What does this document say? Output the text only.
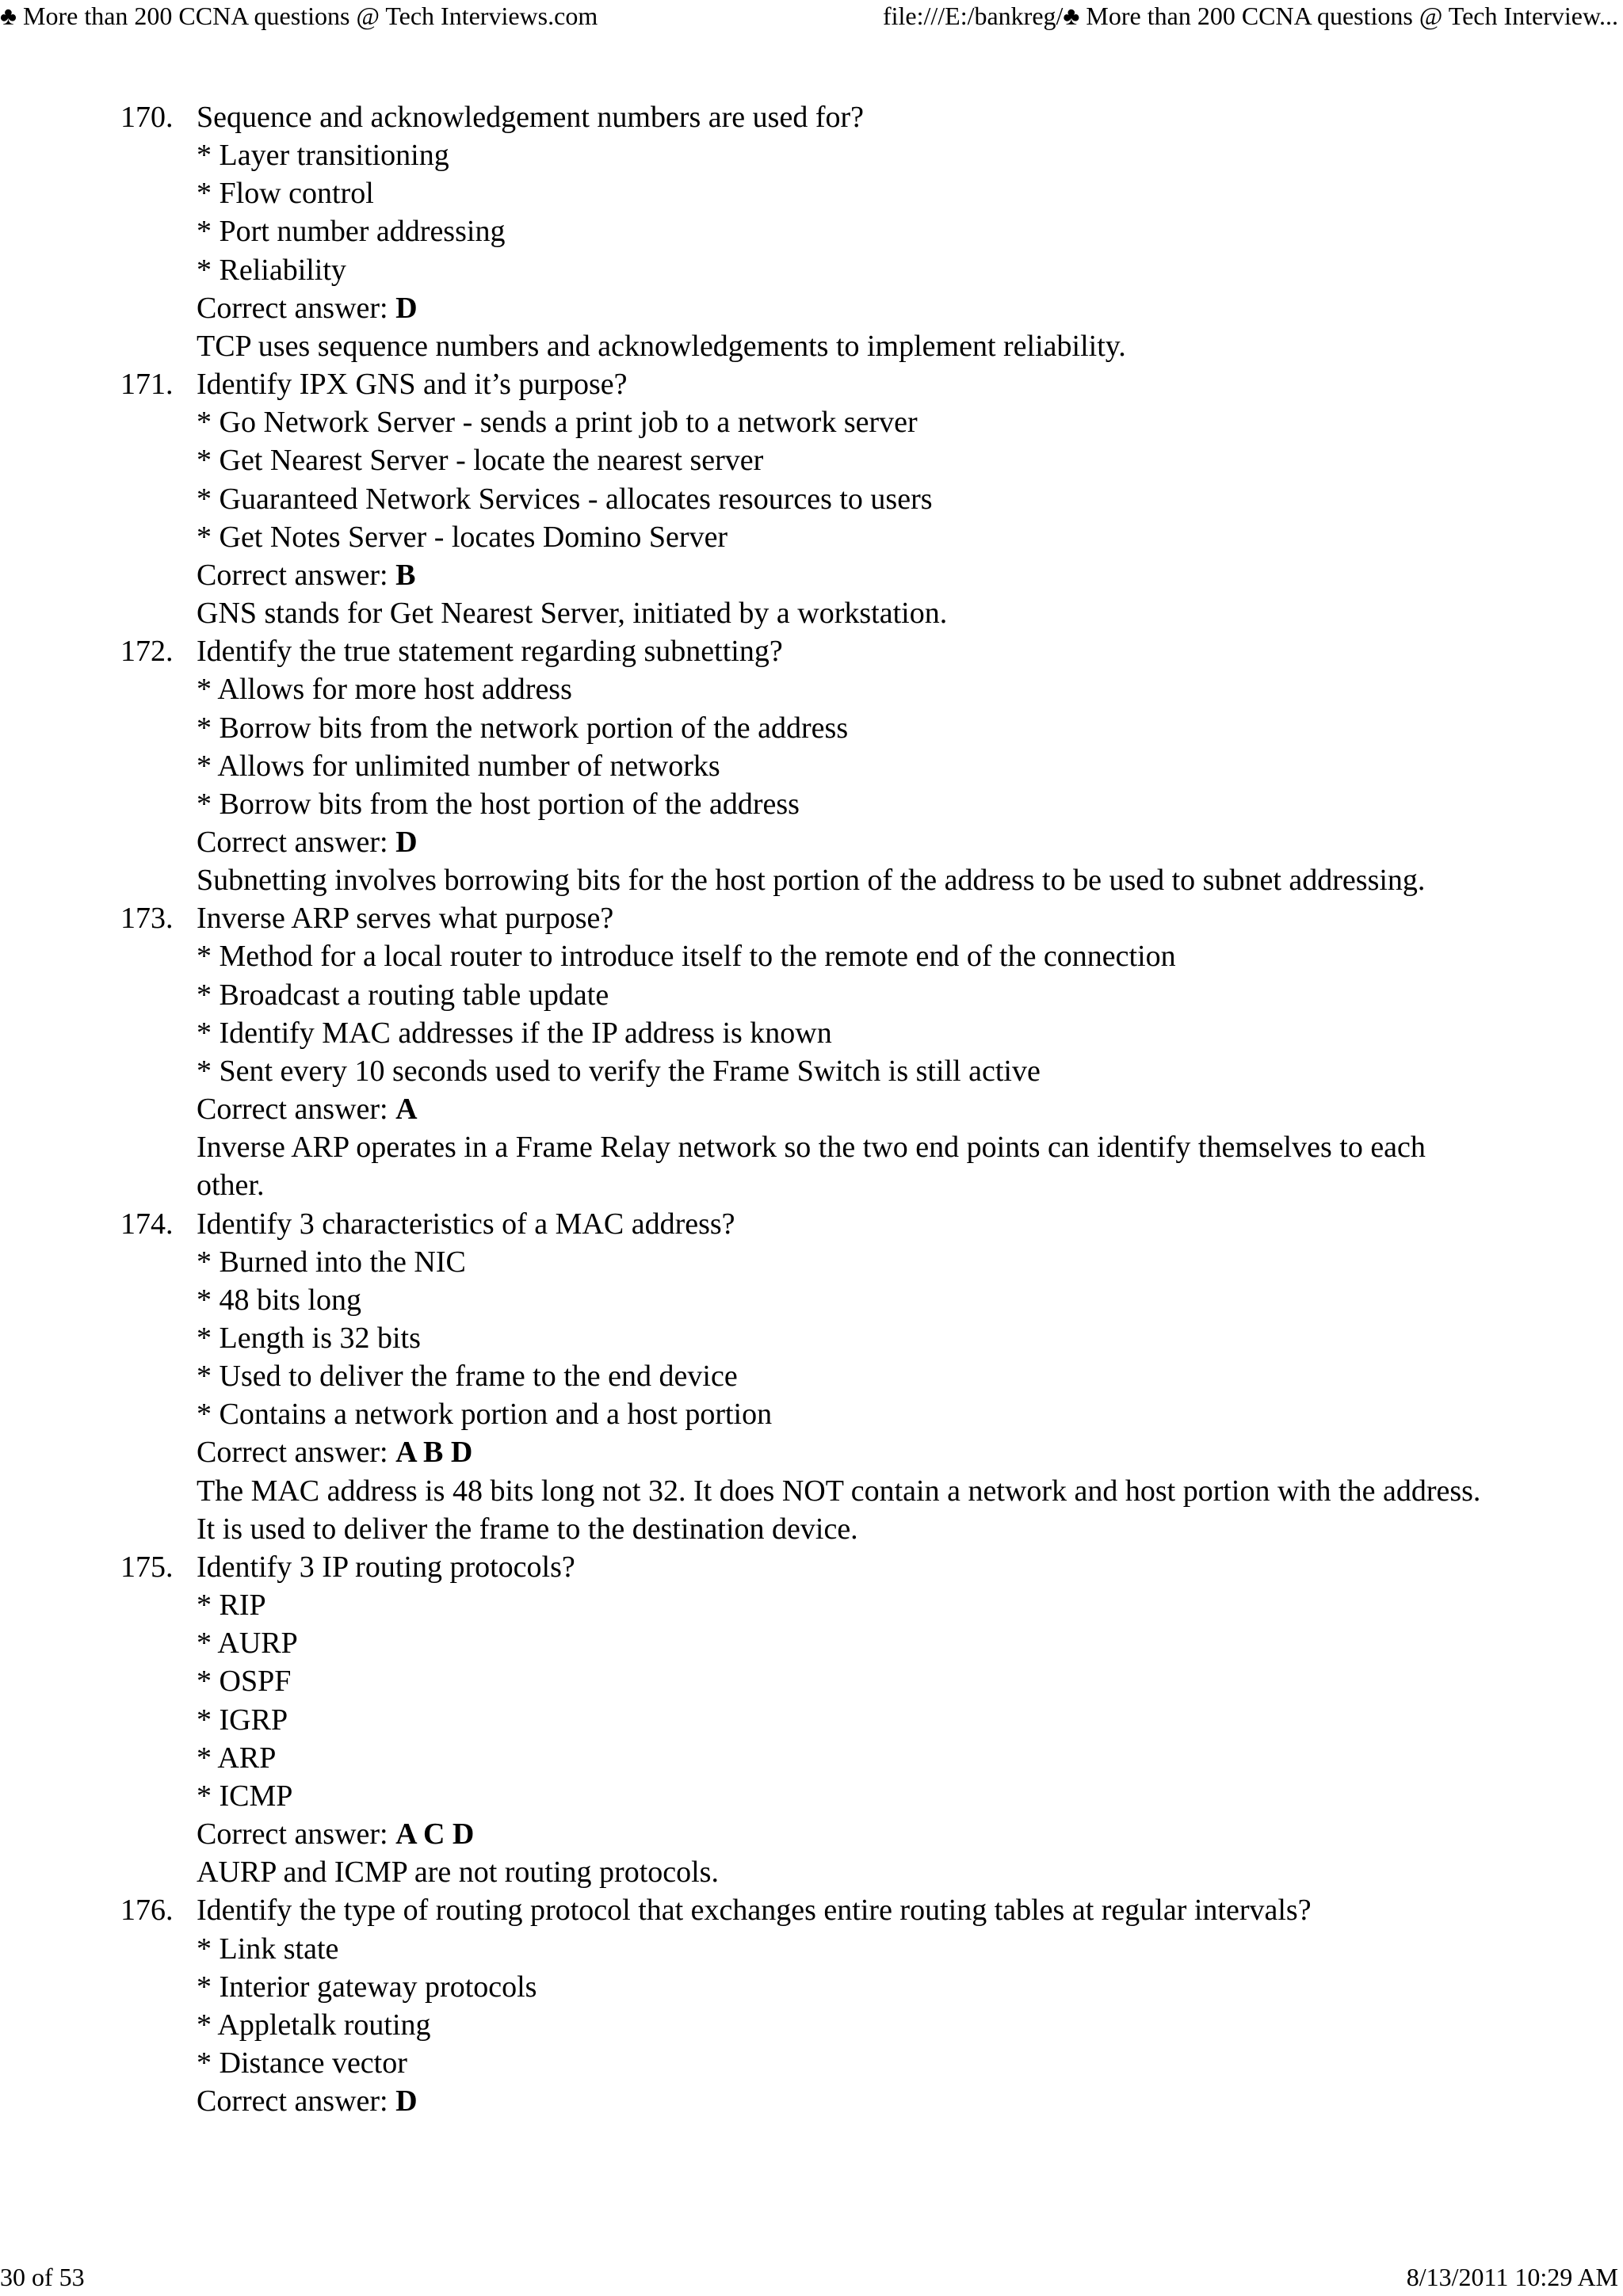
♣ More than 200 CCNA questions @ Tech Interviews.com	file:///E:/bankreg/♣ More than 200 CCNA questions @ Tech Interview...
170. Sequence and acknowledgement numbers are used for?
* Layer transitioning
* Flow control
* Port number addressing
* Reliability
Correct answer: D
TCP uses sequence numbers and acknowledgements to implement reliability.
171. Identify IPX GNS and it’s purpose?
* Go Network Server - sends a print job to a network server
* Get Nearest Server - locate the nearest server
* Guaranteed Network Services - allocates resources to users
* Get Notes Server - locates Domino Server
Correct answer: B
GNS stands for Get Nearest Server, initiated by a workstation.
172. Identify the true statement regarding subnetting?
* Allows for more host address
* Borrow bits from the network portion of the address
* Allows for unlimited number of networks
* Borrow bits from the host portion of the address
Correct answer: D
Subnetting involves borrowing bits for the host portion of the address to be used to subnet addressing.
173. Inverse ARP serves what purpose?
* Method for a local router to introduce itself to the remote end of the connection
* Broadcast a routing table update
* Identify MAC addresses if the IP address is known
* Sent every 10 seconds used to verify the Frame Switch is still active
Correct answer: A
Inverse ARP operates in a Frame Relay network so the two end points can identify themselves to each other.
174. Identify 3 characteristics of a MAC address?
* Burned into the NIC
* 48 bits long
* Length is 32 bits
* Used to deliver the frame to the end device
* Contains a network portion and a host portion
Correct answer: A B D
The MAC address is 48 bits long not 32. It does NOT contain a network and host portion with the address. It is used to deliver the frame to the destination device.
175. Identify 3 IP routing protocols?
* RIP
* AURP
* OSPF
* IGRP
* ARP
* ICMP
Correct answer: A C D
AURP and ICMP are not routing protocols.
176. Identify the type of routing protocol that exchanges entire routing tables at regular intervals?
* Link state
* Interior gateway protocols
* Appletalk routing
* Distance vector
Correct answer: D
30 of 53	8/13/2011 10:29 AM
